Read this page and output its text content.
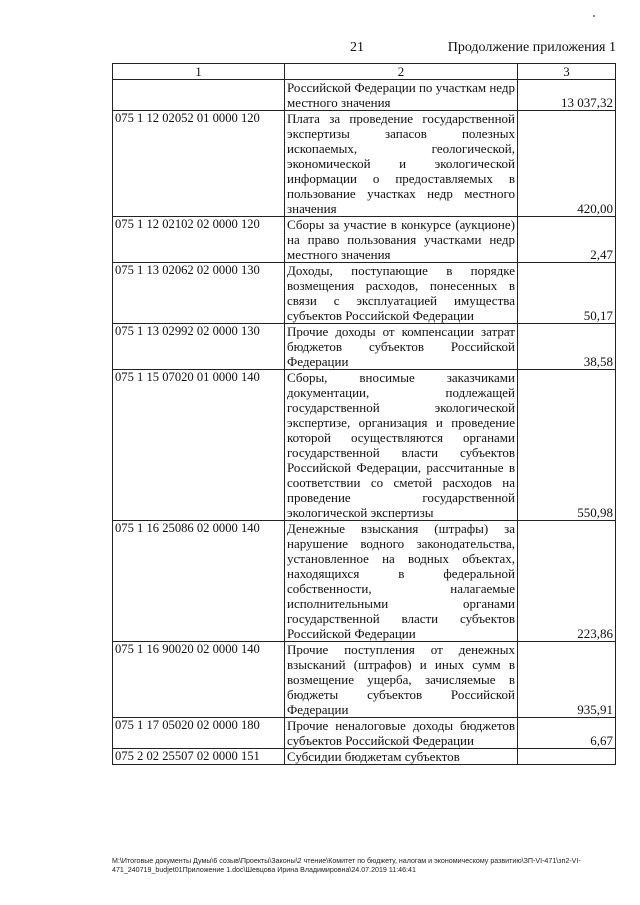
21	Продолжение приложения 1
1	2	3
	Российской Федерации по участкам недр местного значения	13 037,32
075 1 12 02052 01 0000 120	Плата за проведение государственной экспертизы запасов полезных ископаемых, геологической, экономической и экологической информации о предоставляемых в пользование участках недр местного значения	420,00
075 1 12 02102 02 0000 120	Сборы за участие в конкурсе (аукционе) на право пользования участками недр местного значения	2,47
075 1 13 02062 02 0000 130	Доходы, поступающие в порядке возмещения расходов, понесенных в связи с эксплуатацией имущества субъектов Российской Федерации	50,17
075 1 13 02992 02 0000 130	Прочие доходы от компенсации затрат бюджетов субъектов Российской Федерации	38,58
075 1 15 07020 01 0000 140	Сборы, вносимые заказчиками документации, подлежащей государственной экологической экспертизе, организация и проведение которой осуществляются органами государственной власти субъектов Российской Федерации, рассчитанные в соответствии со сметой расходов на проведение государственной экологической экспертизы	550,98
075 1 16 25086 02 0000 140	Денежные взыскания (штрафы) за нарушение водного законодательства, установленное на водных объектах, находящихся в федеральной собственности, налагаемые исполнительными органами государственной власти субъектов Российской Федерации	223,86
075 1 16 90020 02 0000 140	Прочие поступления от денежных взысканий (штрафов) и иных сумм в возмещение ущерба, зачисляемые в бюджеты субъектов Российской Федерации	935,91
075 1 17 05020 02 0000 180	Прочие неналоговые доходы бюджетов субъектов Российской Федерации	6,67
075 2 02 25507 02 0000 151	Субсидии бюджетам субъектов	
М:\Итоговые документы Думы\6 созыв\Проекты\Законы\2 чтение\Комитет по бюджету, налогам и экономическому развитию\ЗП-VI-471\зп2-VI-471_240719_budjet01Приложение 1.doc\Шевцова Ирина Владимировна\24.07.2019 11:46:41
